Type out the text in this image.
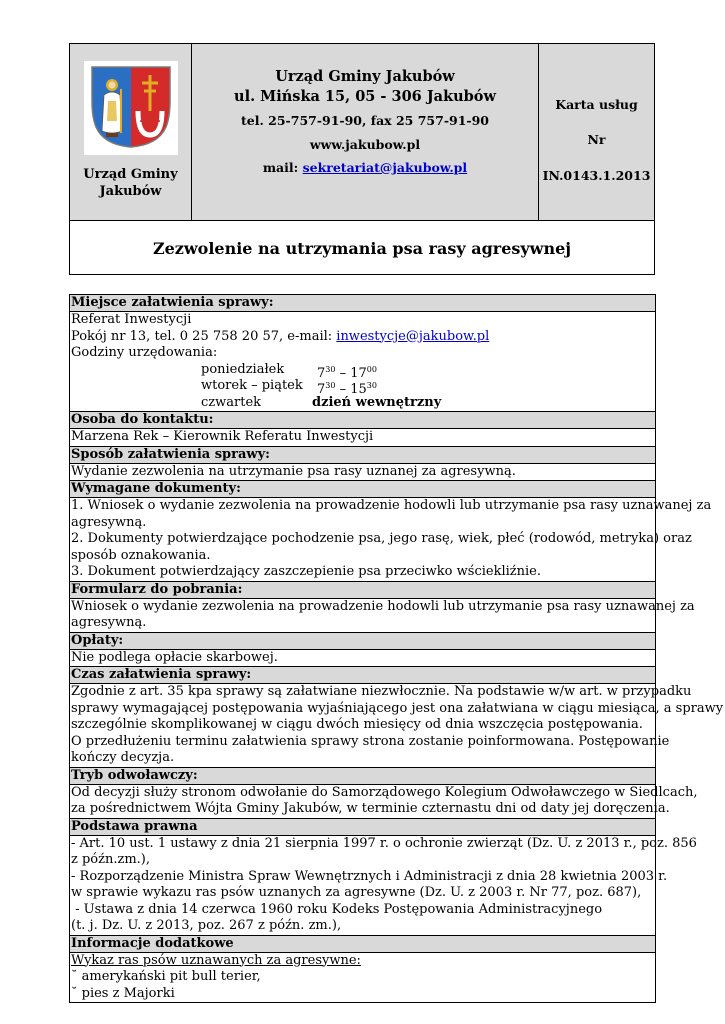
Urząd Gminy
Jakubów
Urząd Gminy Jakubów
ul. Mińska 15, 05 - 306 Jakubów
tel. 25-757-91-90, fax 25 757-91-90
www.jakubow.pl
mail: sekretariat@jakubow.pl
Karta usług
Nr
IN.0143.1.2013
Zezwolenie na utrzymania psa rasy agresywnej
Miejsce załatwienia sprawy:
Referat Inwestycji
Pokój nr 13, tel. 0 25 758 20 57, e-mail: inwestycje@jakubow.pl
Godziny urzędowania:
poniedziałek	$7^{30} - 17^{00}$
wtorek – piątek $7^{30} - 15^{30}$
czwartek	dzień wewnętrzny
Osoba do kontaktu:
Marzena Rek – Kierownik Referatu Inwestycji
Sposób załatwienia sprawy:
Wydanie zezwolenia na utrzymanie psa rasy uznanej za agresywną.
Wymagane dokumenty:
1. Wniosek o wydanie zezwolenia na prowadzenie hodowli lub utrzymanie psa rasy uznawanej za
agresywną.
2. Dokumenty potwierdzające pochodzenie psa, jego rasę, wiek, płeć (rodowód, metryka) oraz
sposób oznakowania.
3. Dokument potwierdzający zaszczepienie psa przeciwko wściekliźnie.
Formularz do pobrania:
Wniosek o wydanie zezwolenia na prowadzenie hodowli lub utrzymanie psa rasy uznawanej za
agresywną.
Opłaty:
Nie podlega opłacie skarbowej.
Czas załatwienia sprawy:
Zgodnie z art. 35 kpa sprawy są załatwiane niezwłocznie. Na podstawie w/w art. w przypadku
sprawy wymagającej postępowania wyjaśniającego jest ona załatwiana w ciągu miesiąca, a sprawy
szczególnie skomplikowanej w ciągu dwóch miesięcy od dnia wszczęcia postępowania.
O przedłużeniu terminu załatwienia sprawy strona zostanie poinformowana. Postępowanie
kończy decyzja.
Tryb odwoławczy:
Od decyzji służy stronom odwołanie do Samorządowego Kolegium Odwoławczego w Siedlcach,
za pośrednictwem Wójta Gminy Jakubów, w terminie czternastu dni od daty jej doręczenia.
Podstawa prawna
- Art. 10 ust. 1 ustawy z dnia 21 sierpnia 1997 r. o ochronie zwierząt (Dz. U. z 2013 r., poz. 856
z późn.zm.),
- Rozporządzenie Ministra Spraw Wewnętrznych i Administracji z dnia 28 kwietnia 2003 r.
w sprawie wykazu ras psów uznanych za agresywne (Dz. U. z 2003 r. Nr 77, poz. 687),
- Ustawa z dnia 14 czerwca 1960 roku Kodeks Postępowania Administracyjnego
(t. j. Dz. U. z 2013, poz. 267 z późn. zm.),
Informacje dodatkowe
Wykaz ras psów uznawanych za agresywne:
˘ amerykański pit bull terier,
˘ pies z Majorki
